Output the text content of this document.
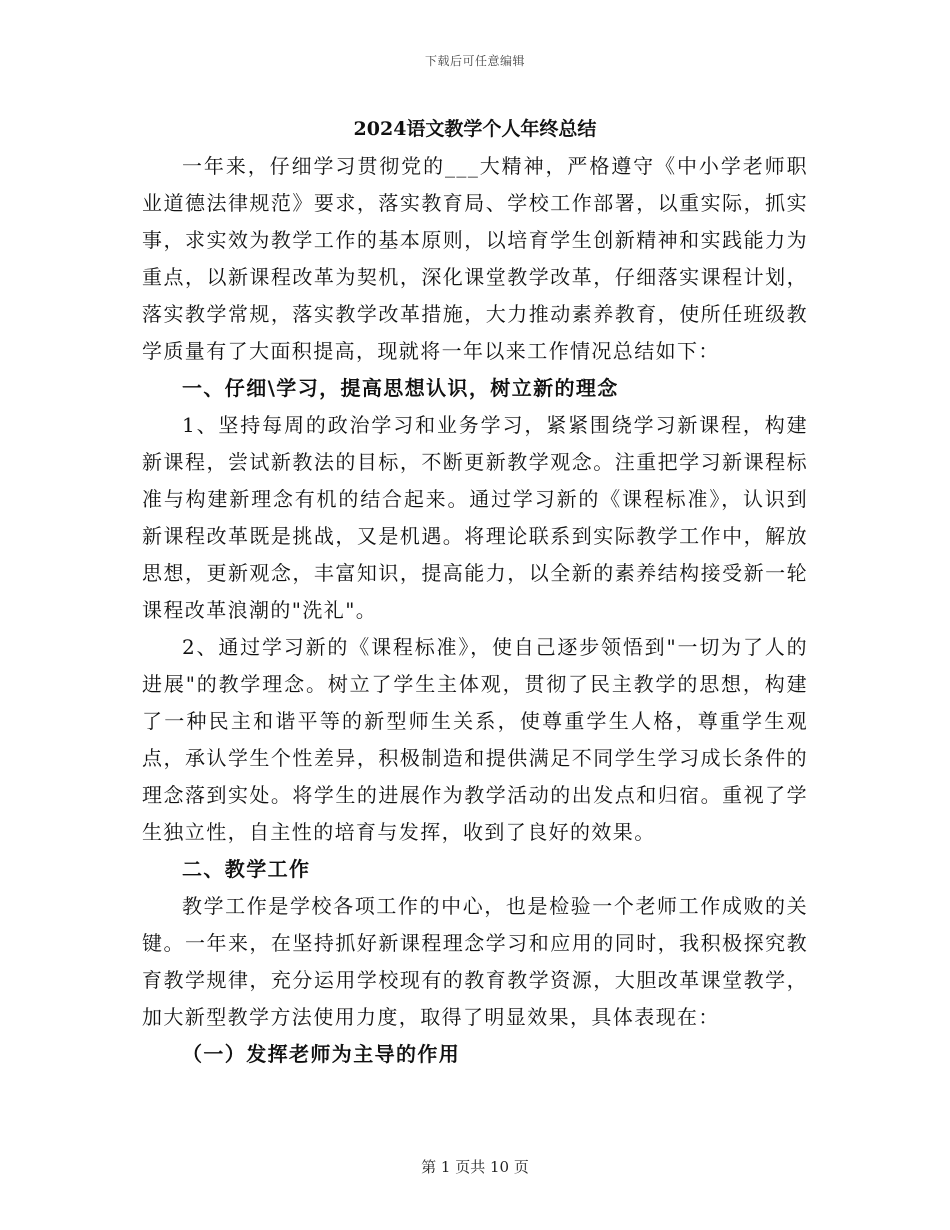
下载后可任意编辑
2024语文教学个人年终总结

一年来，仔细学习贯彻党的___大精神，严格遵守《中小学老师职业道德法律规范》要求，落实教育局、学校工作部署，以重实际，抓实事，求实效为教学工作的基本原则，以培育学生创新精神和实践能力为重点，以新课程改革为契机，深化课堂教学改革，仔细落实课程计划，落实教学常规，落实教学改革措施，大力推动素养教育，使所任班级教学质量有了大面积提高，现就将一年以来工作情况总结如下：

一、仔细\学习，提高思想认识，树立新的理念

1、坚持每周的政治学习和业务学习，紧紧围绕学习新课程，构建新课程，尝试新教法的目标，不断更新教学观念。注重把学习新课程标准与构建新理念有机的结合起来。通过学习新的《课程标准》，认识到新课程改革既是挑战，又是机遇。将理论联系到实际教学工作中，解放思想，更新观念，丰富知识，提高能力，以全新的素养结构接受新一轮课程改革浪潮的"洗礼"。

2、通过学习新的《课程标准》，使自己逐步领悟到"一切为了人的进展"的教学理念。树立了学生主体观，贯彻了民主教学的思想，构建了一种民主和谐平等的新型师生关系，使尊重学生人格，尊重学生观点，承认学生个性差异，积极制造和提供满足不同学生学习成长条件的理念落到实处。将学生的进展作为教学活动的出发点和归宿。重视了学生独立性，自主性的培育与发挥，收到了良好的效果。

二、教学工作

教学工作是学校各项工作的中心，也是检验一个老师工作成败的关键。一年来，在坚持抓好新课程理念学习和应用的同时，我积极探究教育教学规律，充分运用学校现有的教育教学资源，大胆改革课堂教学，加大新型教学方法使用力度，取得了明显效果，具体表现在：

（一）发挥老师为主导的作用

第 1 页共 10 页
